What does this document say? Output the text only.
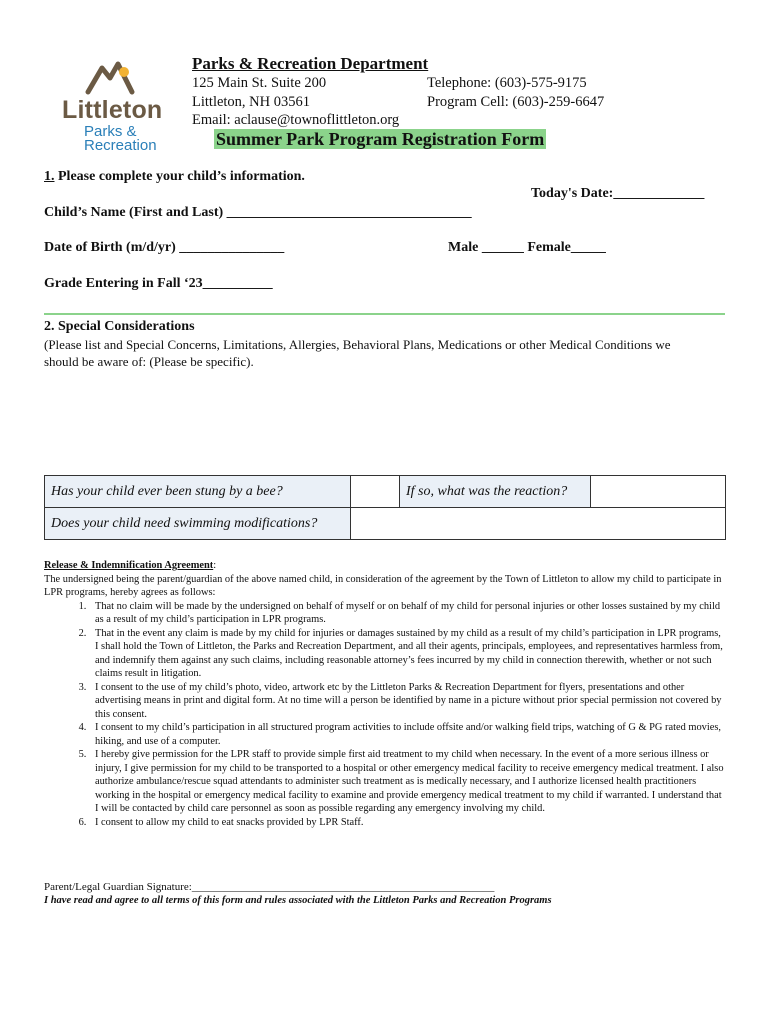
Littleton
Parks &
Recreation
Parks & Recreation Department
125 Main St. Suite 200
Littleton, NH 03561
Email: aclause@townoflittleton.org
Telephone: (603)-575-9175
Program Cell: (603)-259-6647
Summer Park Program Registration Form
1. Please complete your child’s information.
Today's Date:_____________
Child’s Name (First and Last) ___________________________________
Date of Birth (m/d/yr) _______________	Male ______ Female_____
Grade Entering in Fall ‘23__________
2. Special Considerations
(Please list and Special Concerns, Limitations, Allergies, Behavioral Plans, Medications or other Medical Conditions we
should be aware of: (Please be specific).
Has your child ever been stung by a bee?		If so, what was the reaction?	
Does your child need swimming modifications?			
Release & Indemnification Agreement:
The undersigned being the parent/guardian of the above named child, in consideration of the agreement by the Town of Littleton to allow my child to participate in LPR programs, hereby agrees as follows:
1. That no claim will be made by the undersigned on behalf of myself or on behalf of my child for personal injuries or other losses sustained by my child as a result of my child’s participation in LPR programs.
2. That in the event any claim is made by my child for injuries or damages sustained by my child as a result of my child’s participation in LPR programs, I shall hold the Town of Littleton, the Parks and Recreation Department, and all their agents, principals, employees, and representatives harmless from, and indemnify them against any such claims, including reasonable attorney’s fees incurred by my child in connection therewith, whether or not such claims result in litigation.
3. I consent to the use of my child’s photo, video, artwork etc by the Littleton Parks & Recreation Department for flyers, presentations and other advertising means in print and digital form. At no time will a person be identified by name in a picture without prior special permission not covered by this consent.
4. I consent to my child’s participation in all structured program activities to include offsite and/or walking field trips, watching of G & PG rated movies, hiking, and use of a computer.
5. I hereby give permission for the LPR staff to provide simple first aid treatment to my child when necessary. In the event of a more serious illness or injury, I give permission for my child to be transported to a hospital or other emergency medical facility to receive emergency medical treatment. I also authorize ambulance/rescue squad attendants to administer such treatment as is medically necessary, and I authorize licensed health practitioners working in the hospital or emergency medical facility to examine and provide emergency medical treatment to my child if warranted. I understand that I will be contacted by child care personnel as soon as possible regarding any emergency involving my child.
6. I consent to allow my child to eat snacks provided by LPR Staff.
Parent/Legal Guardian Signature:_______________________________________________________
I have read and agree to all terms of this form and rules associated with the Littleton Parks and Recreation Programs
